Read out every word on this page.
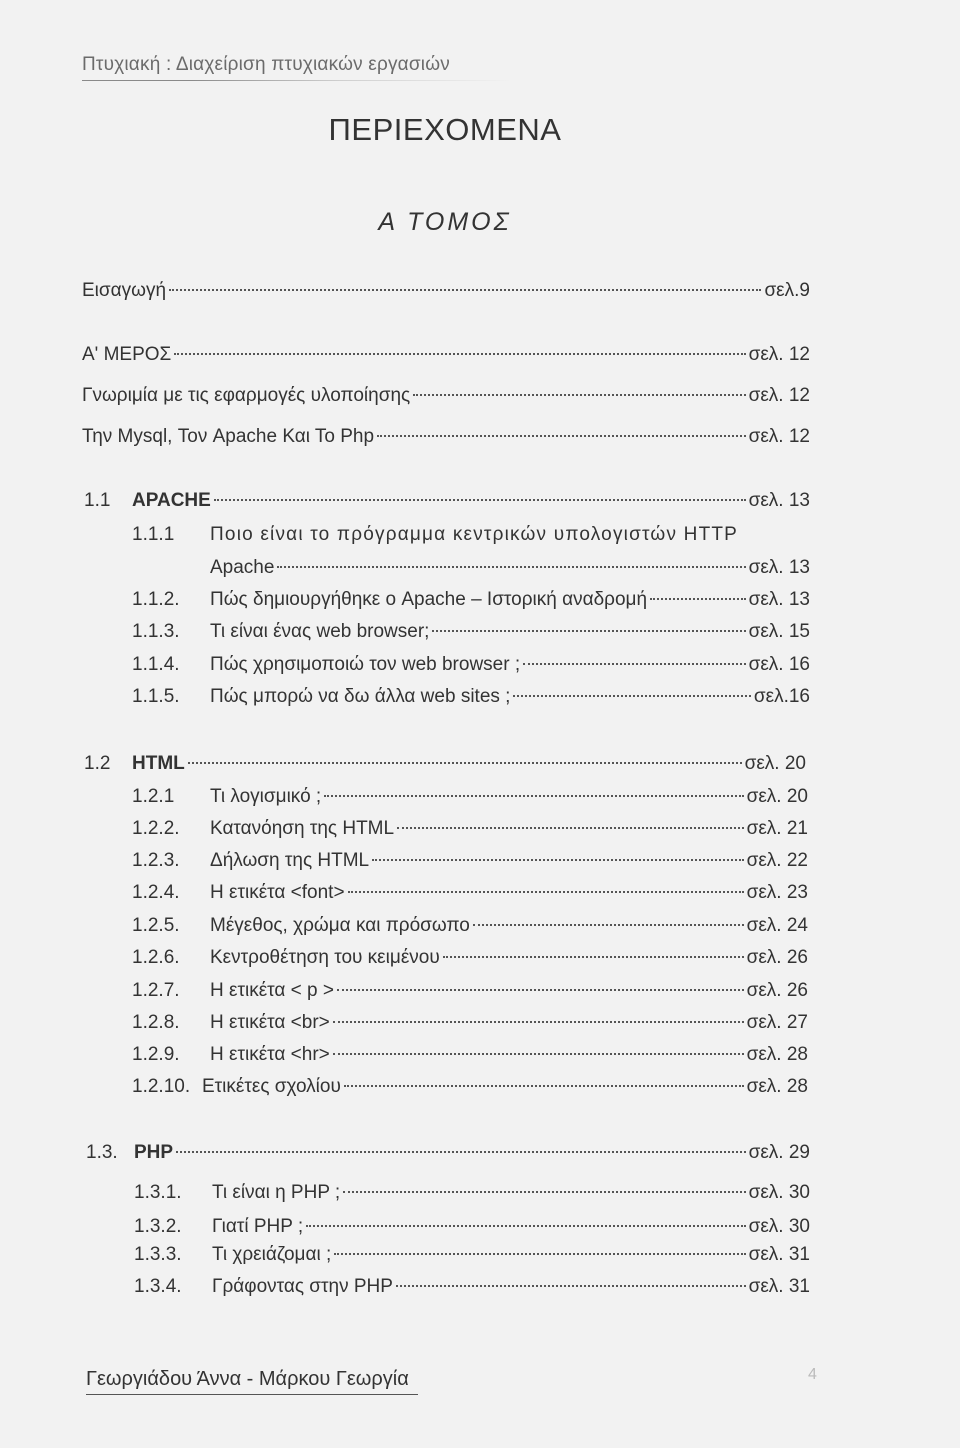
Πτυχιακή : Διαχείριση πτυχιακών εργασιών
ΠΕΡΙΕΧΟΜΕΝΑ
Α ΤΟΜΟΣ
Εισαγωγή	σελ.9
Α' ΜΕΡΟΣ	σελ. 12
Γνωριμία με τις εφαρμογές υλοποίησης	σελ. 12
Την Mysql, Τον Apache Και Το Php	σελ. 12
1.1	APACHE	σελ. 13
1.1.1	Ποιο είναι το πρόγραμμα κεντρικών υπολογιστών HTTP
Apache	σελ. 13
1.1.2.	Πώς δημιουργήθηκε ο Apache – Ιστορική αναδρομή	σελ. 13
1.1.3.	Τι είναι ένας web browser;	σελ. 15
1.1.4.	Πώς χρησιμοποιώ τον web browser ;	σελ. 16
1.1.5.	Πώς μπορώ να δω άλλα web sites ;	σελ.16
1.2	HTML	σελ. 20
1.2.1	Τι λογισμικό ;	σελ. 20
1.2.2.	Κατανόηση της HTML	σελ. 21
1.2.3.	Δήλωση της HTML	σελ. 22
1.2.4.	Η ετικέτα <font>	σελ. 23
1.2.5.	Μέγεθος, χρώμα και πρόσωπο	σελ. 24
1.2.6.	Κεντροθέτηση του κειμένου	σελ. 26
1.2.7.	Η ετικέτα < p >	σελ. 26
1.2.8.	Η ετικέτα <br>	σελ. 27
1.2.9.	Η ετικέτα <hr>	σελ. 28
1.2.10. Ετικέτες σχολίου	σελ. 28
1.3. PHP	σελ. 29
1.3.1.	Τι είναι η PHP ;	σελ. 30
1.3.2.	Γιατί PHP ;	σελ. 30
1.3.3.	Τι χρειάζομαι ;	σελ. 31
1.3.4.	Γράφοντας στην PHP	σελ. 31
Γεωργιάδου Άννα - Μάρκου Γεωργία	4
